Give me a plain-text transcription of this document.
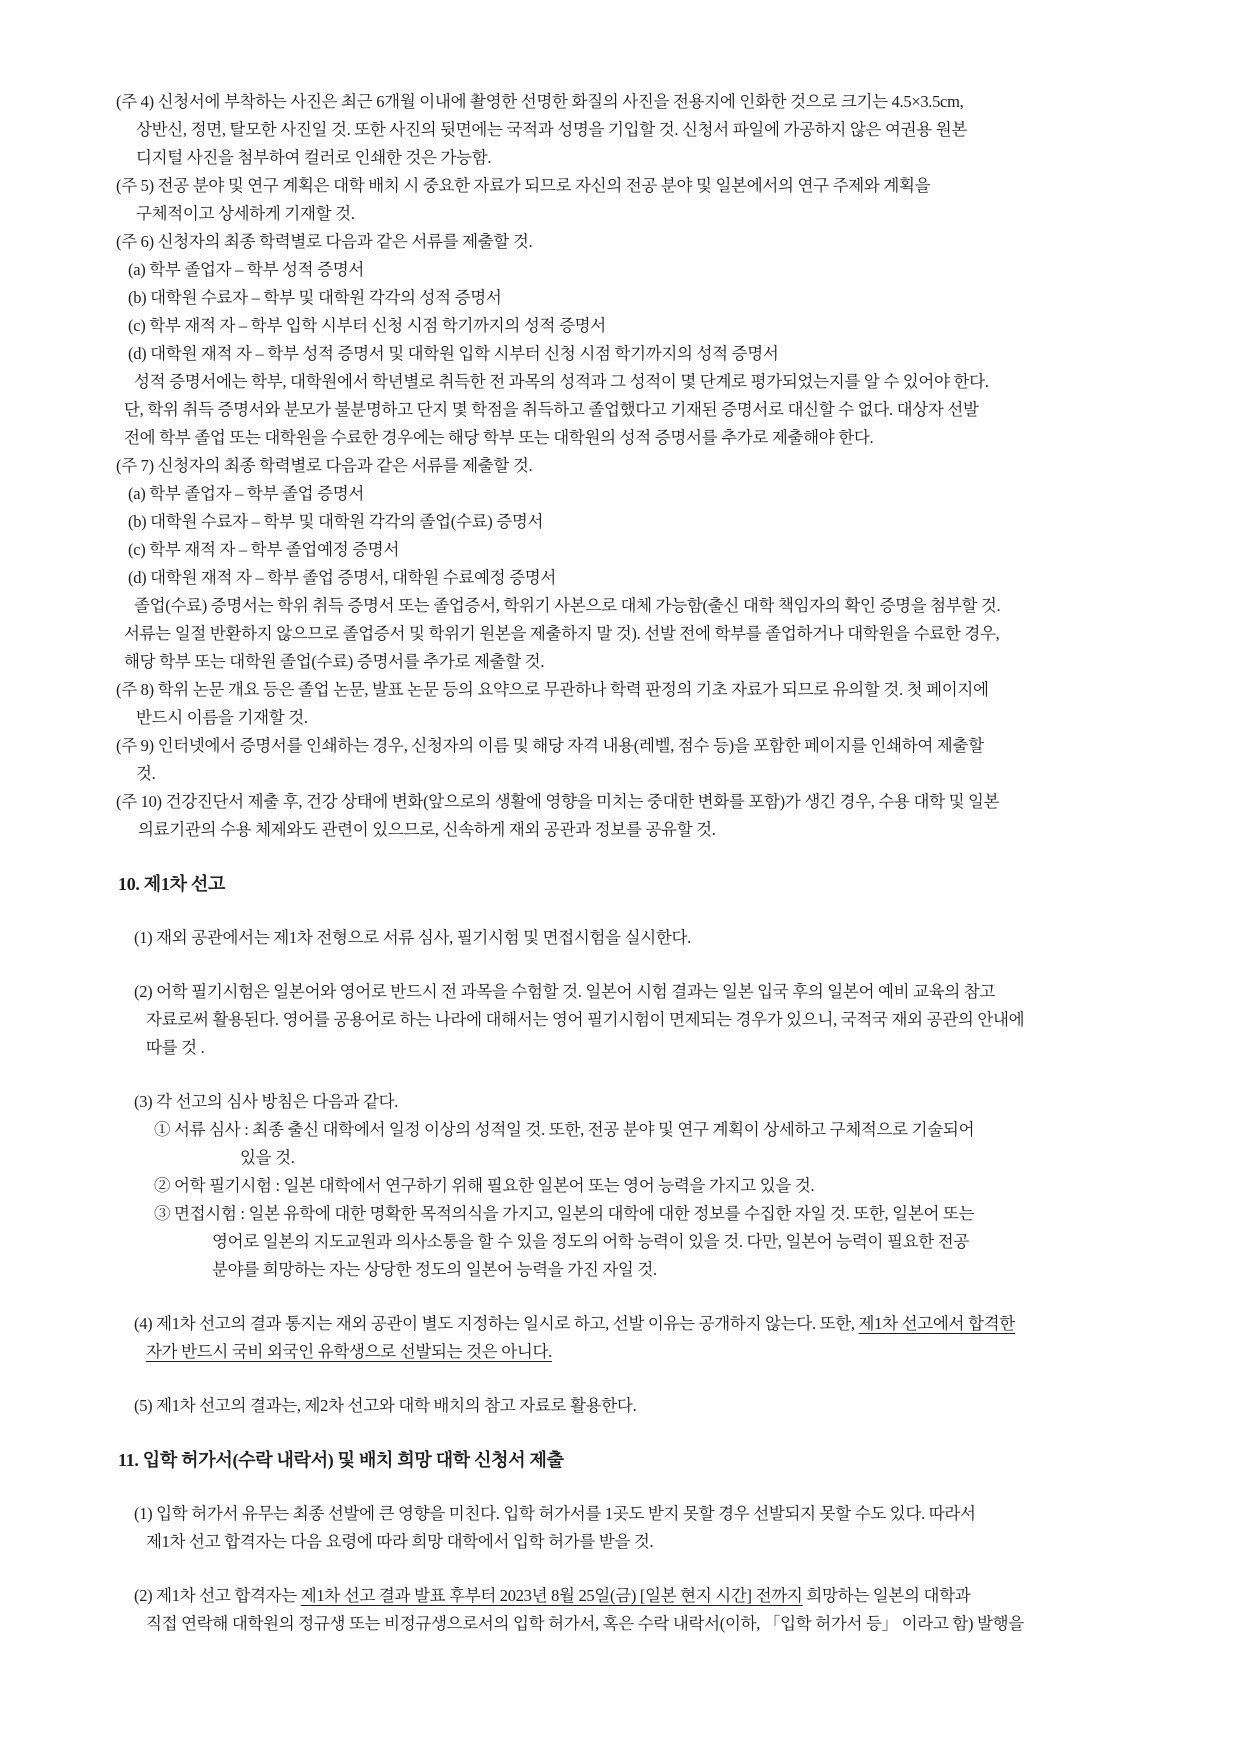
(주 4) 신청서에 부착하는 사진은 최근 6개월 이내에 촬영한 선명한 화질의 사진을 전용지에 인화한 것으로 크기는 4.5×3.5cm,
상반신, 정면, 탈모한 사진일 것. 또한 사진의 뒷면에는 국적과 성명을 기입할 것. 신청서 파일에 가공하지 않은 여권용 원본
디지털 사진을 첨부하여 컬러로 인쇄한 것은 가능함.
(주 5) 전공 분야 및 연구 계획은 대학 배치 시 중요한 자료가 되므로 자신의 전공 분야 및 일본에서의 연구 주제와 계획을
구체적이고 상세하게 기재할 것.
(주 6) 신청자의 최종 학력별로 다음과 같은 서류를 제출할 것.
(a) 학부 졸업자 – 학부 성적 증명서
(b) 대학원 수료자 – 학부 및 대학원 각각의 성적 증명서
(c) 학부 재적 자 – 학부 입학 시부터 신청 시점 학기까지의 성적 증명서
(d) 대학원 재적 자 – 학부 성적 증명서 및 대학원 입학 시부터 신청 시점 학기까지의 성적 증명서
성적 증명서에는 학부, 대학원에서 학년별로 취득한 전 과목의 성적과 그 성적이 몇 단계로 평가되었는지를 알 수 있어야 한다.
단, 학위 취득 증명서와 분모가 불분명하고 단지 몇 학점을 취득하고 졸업했다고 기재된 증명서로 대신할 수 없다. 대상자 선발
전에 학부 졸업 또는 대학원을 수료한 경우에는 해당 학부 또는 대학원의 성적 증명서를 추가로 제출해야 한다.
(주 7) 신청자의 최종 학력별로 다음과 같은 서류를 제출할 것.
(a) 학부 졸업자 – 학부 졸업 증명서
(b) 대학원 수료자 – 학부 및 대학원 각각의 졸업(수료) 증명서
(c) 학부 재적 자 – 학부 졸업예정 증명서
(d) 대학원 재적 자 – 학부 졸업 증명서, 대학원 수료예정 증명서
졸업(수료) 증명서는 학위 취득 증명서 또는 졸업증서, 학위기 사본으로 대체 가능함(출신 대학 책임자의 확인 증명을 첨부할 것.
서류는 일절 반환하지 않으므로 졸업증서 및 학위기 원본을 제출하지 말 것). 선발 전에 학부를 졸업하거나 대학원을 수료한 경우,
해당 학부 또는 대학원 졸업(수료) 증명서를 추가로 제출할 것.
(주 8) 학위 논문 개요 등은 졸업 논문, 발표 논문 등의 요약으로 무관하나 학력 판정의 기초 자료가 되므로 유의할 것. 첫 페이지에
반드시 이름을 기재할 것.
(주 9) 인터넷에서 증명서를 인쇄하는 경우, 신청자의 이름 및 해당 자격 내용(레벨, 점수 등)을 포함한 페이지를 인쇄하여 제출할
것.
(주 10) 건강진단서 제출 후, 건강 상태에 변화(앞으로의 생활에 영향을 미치는 중대한 변화를 포함)가 생긴 경우, 수용 대학 및 일본
의료기관의 수용 체제와도 관련이 있으므로, 신속하게 재외 공관과 정보를 공유할 것.
10. 제1차 선고
(1) 재외 공관에서는 제1차 전형으로 서류 심사, 필기시험 및 면접시험을 실시한다.
(2) 어학 필기시험은 일본어와 영어로 반드시 전 과목을 수험할 것. 일본어 시험 결과는 일본 입국 후의 일본어 예비 교육의 참고
자료로써 활용된다. 영어를 공용어로 하는 나라에 대해서는 영어 필기시험이 면제되는 경우가 있으니, 국적국 재외 공관의 안내에
따를 것 .
(3) 각 선고의 심사 방침은 다음과 같다.
① 서류 심사 : 최종 출신 대학에서 일정 이상의 성적일 것. 또한, 전공 분야 및 연구 계획이 상세하고 구체적으로 기술되어
있을 것.
② 어학 필기시험 : 일본 대학에서 연구하기 위해 필요한 일본어 또는 영어 능력을 가지고 있을 것.
③ 면접시험 : 일본 유학에 대한 명확한 목적의식을 가지고, 일본의 대학에 대한 정보를 수집한 자일 것. 또한, 일본어 또는
영어로 일본의 지도교원과 의사소통을 할 수 있을 정도의 어학 능력이 있을 것. 다만, 일본어 능력이 필요한 전공
분야를 희망하는 자는 상당한 정도의 일본어 능력을 가진 자일 것.
(4) 제1차 선고의 결과 통지는 재외 공관이 별도 지정하는 일시로 하고, 선발 이유는 공개하지 않는다. 또한, 제1차 선고에서 합격한
자가 반드시 국비 외국인 유학생으로 선발되는 것은 아니다.
(5) 제1차 선고의 결과는, 제2차 선고와 대학 배치의 참고 자료로 활용한다.
11. 입학 허가서(수락 내락서) 및 배치 희망 대학 신청서 제출
(1) 입학 허가서 유무는 최종 선발에 큰 영향을 미친다. 입학 허가서를 1곳도 받지 못할 경우 선발되지 못할 수도 있다. 따라서
제1차 선고 합격자는 다음 요령에 따라 희망 대학에서 입학 허가를 받을 것.
(2) 제1차 선고 합격자는 제1차 선고 결과 발표 후부터 2023년 8월 25일(금) [일본 현지 시간] 전까지 희망하는 일본의 대학과
직접 연락해 대학원의 정규생 또는 비정규생으로서의 입학 허가서, 혹은 수락 내락서(이하, 「입학 허가서 등」 이라고 함) 발행을
